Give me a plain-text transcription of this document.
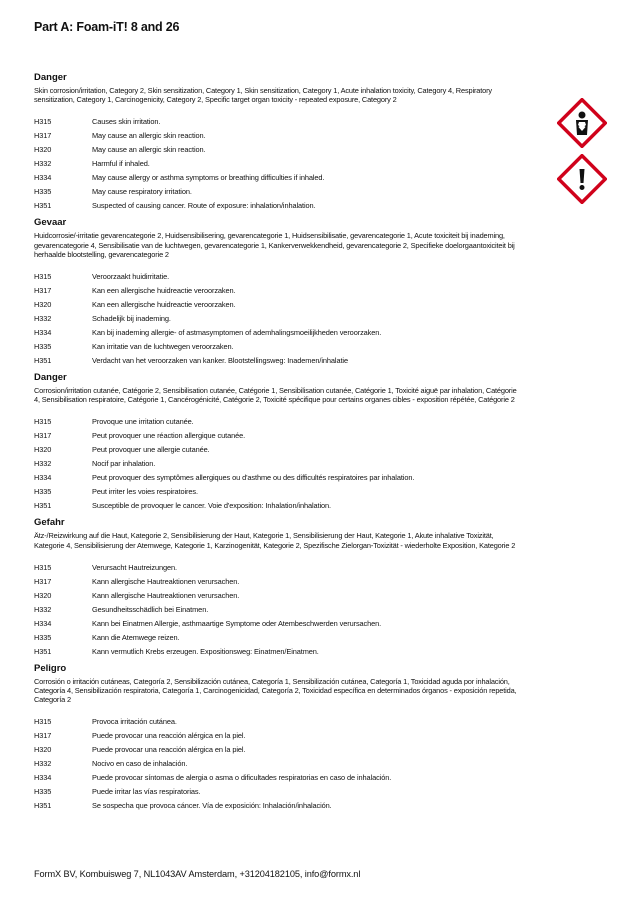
Part A: Foam-iT! 8 and 26
Danger
Skin corrosion/irritation, Category 2, Skin sensitization, Category 1, Skin sensitization, Category 1, Acute inhalation toxicity, Category 4, Respiratory sensitization, Category 1, Carcinogenicity, Category 2, Specific target organ toxicity - repeated exposure, Category 2
H315	Causes skin irritation.
H317	May cause an allergic skin reaction.
H320	May cause an allergic skin reaction.
H332	Harmful if inhaled.
H334	May cause allergy or asthma symptoms or breathing difficulties if inhaled.
H335	May cause respiratory irritation.
H351	Suspected of causing cancer. Route of exposure: inhalation/inhalation.
Gevaar
Huidcorrosie/-irritatie gevarencategorie 2, Huidsensibilisering, gevarencategorie 1, Huidsensibilisatie, gevarencategorie 1, Acute toxiciteit bij inademing, gevarencategorie 4, Sensibilisatie van de luchtwegen, gevarencategorie 1, Kankerverwekkendheid, gevarencategorie 2, Specifieke doelorgaantoxiciteit bij herhaalde blootstelling, gevarencategorie 2
H315	Veroorzaakt huidirritatie.
H317	Kan een allergische huidreactie veroorzaken.
H320	Kan een allergische huidreactie veroorzaken.
H332	Schadelijk bij inademing.
H334	Kan bij inademing allergie- of astmasymptomen of ademhalingsmoeilijkheden veroorzaken.
H335	Kan irritatie van de luchtwegen veroorzaken.
H351	Verdacht van het veroorzaken van kanker. Blootstellingsweg: Inademen/inhalatie
Danger
Corrosion/irritation cutanée, Catégorie 2, Sensibilisation cutanée, Catégorie 1, Sensibilisation cutanée, Catégorie 1, Toxicité aiguë par inhalation, Catégorie 4, Sensibilisation respiratoire, Catégorie 1, Cancérogénicité, Catégorie 2, Toxicité spécifique pour certains organes cibles - exposition répétée, Catégorie 2
H315	Provoque une irritation cutanée.
H317	Peut provoquer une réaction allergique cutanée.
H320	Peut provoquer une allergie cutanée.
H332	Nocif par inhalation.
H334	Peut provoquer des symptômes allergiques ou d'asthme ou des difficultés respiratoires par inhalation.
H335	Peut irriter les voies respiratoires.
H351	Susceptible de provoquer le cancer. Voie d'exposition: Inhalation/inhalation.
Gefahr
Ätz-/Reizwirkung auf die Haut, Kategorie 2, Sensibilisierung der Haut, Kategorie 1, Sensibilisierung der Haut, Kategorie 1, Akute inhalative Toxizität, Kategorie 4, Sensibilisierung der Atemwege, Kategorie 1, Karzinogenität, Kategorie 2, Spezifische Zielorgan-Toxizität - wiederholte Exposition, Kategorie 2
H315	Verursacht Hautreizungen.
H317	Kann allergische Hautreaktionen verursachen.
H320	Kann allergische Hautreaktionen verursachen.
H332	Gesundheitsschädlich bei Einatmen.
H334	Kann bei Einatmen Allergie, asthmaartige Symptome oder Atembeschwerden verursachen.
H335	Kann die Atemwege reizen.
H351	Kann vermutlich Krebs erzeugen. Expositionsweg: Einatmen/Einatmen.
Peligro
Corrosión o irritación cutáneas, Categoría 2, Sensibilización cutánea, Categoría 1, Sensibilización cutánea, Categoría 1, Toxicidad aguda por inhalación, Categoría 4, Sensibilización respiratoria, Categoría 1, Carcinogenicidad, Categoría 2, Toxicidad específica en determinados órganos - exposición repetida, Categoría 2
H315	Provoca irritación cutánea.
H317	Puede provocar una reacción alérgica en la piel.
H320	Puede provocar una reacción alérgica en la piel.
H332	Nocivo en caso de inhalación.
H334	Puede provocar síntomas de alergia o asma o dificultades respiratorias en caso de inhalación.
H335	Puede irritar las vías respiratorias.
H351	Se sospecha que provoca cáncer. Vía de exposición: Inhalación/inhalación.
FormX BV, Kombuisweg 7, NL1043AV Amsterdam, +31204182105, info@formx.nl
